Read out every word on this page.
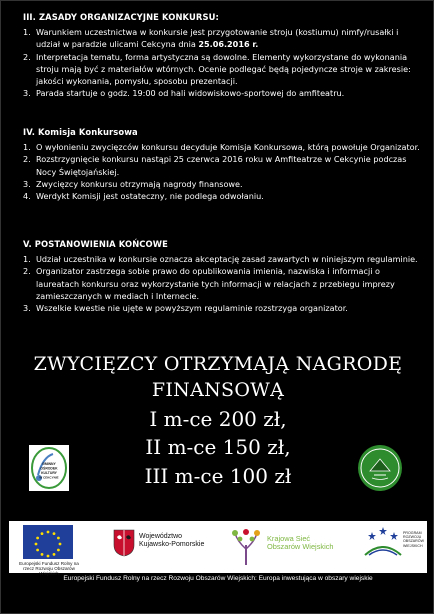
III. ZASADY ORGANIZACYJNE KONKURSU:
1. Warunkiem uczestnictwa w konkursie jest przygotowanie stroju (kostiumu) nimfy/rusałki i udział w paradzie ulicami Cekcyna dnia 25.06.2016 r.
2. Interpretacja tematu, forma artystyczna są dowolne. Elementy wykorzystane do wykonania stroju mają być z materiałów wtórnych. Ocenie podlegać będą pojedyncze stroje w zakresie: jakości wykonania, pomysłu, sposobu prezentacji.
3. Parada startuje o godz. 19:00 od hali widowiskowo-sportowej do amfiteatru.
IV. Komisja Konkursowa
1. O wyłonieniu zwycięzców konkursu decyduje Komisja Konkursowa, którą powołuje Organizator.
2. Rozstrzygnięcie konkursu nastąpi 25 czerwca 2016 roku w Amfiteatrze w Cekcynie podczas Nocy Świętojańskiej.
3. Zwycięzcy konkursu otrzymają nagrody finansowe.
4. Werdykt Komisji jest ostateczny, nie podlega odwołaniu.
V. POSTANOWIENIA KOŃCOWE
1. Udział uczestnika w konkursie oznacza akceptację zasad zawartych w niniejszym regulaminie.
2. Organizator zastrzega sobie prawo do opublikowania imienia, nazwiska i informacji o laureatach konkursu oraz wykorzystanie tych informacji w relacjach z przebiegu imprezy zamieszczanych w mediach i Internecie.
3. Wszelkie kwestie nie ujęte w powyższym regulaminie rozstrzyga organizator.
ZWYCIĘZCY OTRZYMAJĄ NAGRODĘ
FINANSOWĄ
I m-ce 200 zł,
II m-ce 150 zł,
III m-ce 100 zł
GMINNY
OŚRODEK
KULTURY
W CEKCYNIE
Europejski Fundusz Rolny na rzecz Rozwoju Obszarów Wiejskich
Województwo
Kujawsko-Pomorskie
Krajowa Sieć
Obszarów Wiejskich
PROGRAM ROZWOJU OBSZARÓW WIEJSKICH
Europejski Fundusz Rolny na rzecz Rozwoju Obszarów Wiejskich: Europa inwestująca w obszary wiejskie
